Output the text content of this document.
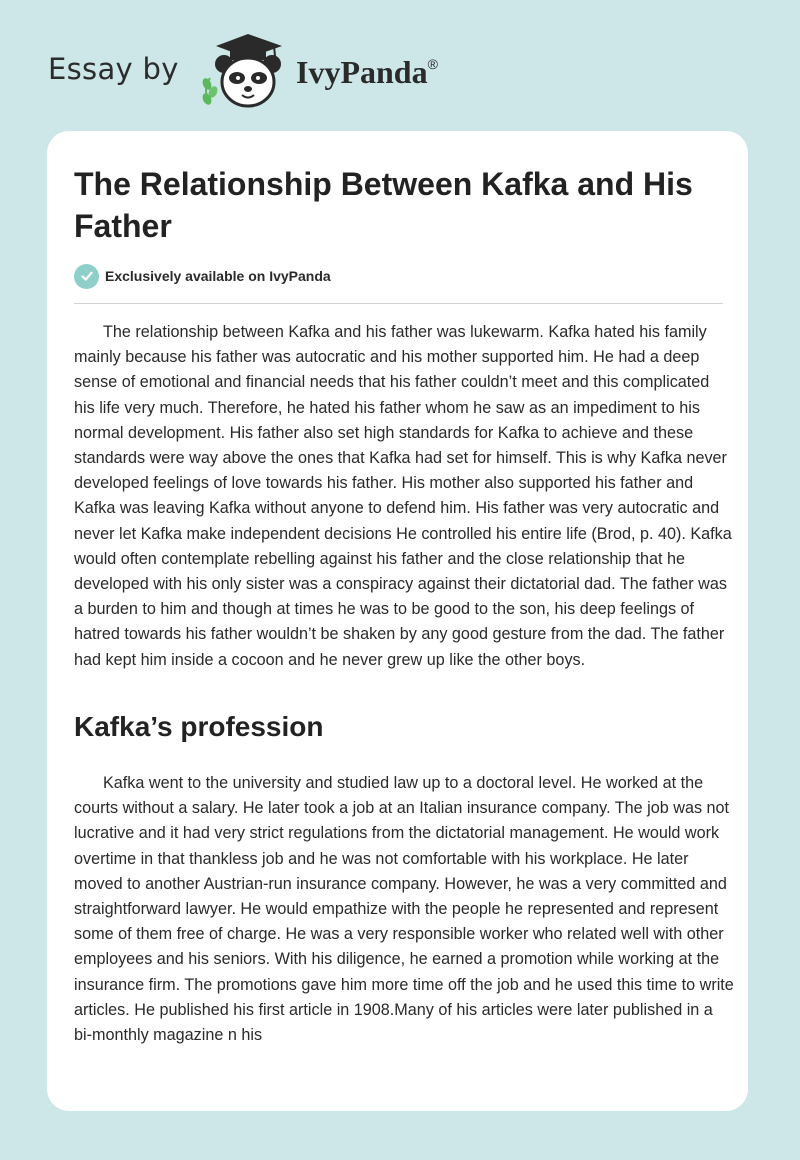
Essay by	IvyPanda®
The Relationship Between Kafka and His Father
Exclusively available on IvyPanda

The relationship between Kafka and his father was lukewarm. Kafka hated his family mainly because his father was autocratic and his mother supported him. He had a deep sense of emotional and financial needs that his father couldn’t meet and this complicated his life very much. Therefore, he hated his father whom he saw as an impediment to his normal development. His father also set high standards for Kafka to achieve and these standards were way above the ones that Kafka had set for himself. This is why Kafka never developed feelings of love towards his father. His mother also supported his father and Kafka was leaving Kafka without anyone to defend him. His father was very autocratic and never let Kafka make independent decisions He controlled his entire life (Brod, p. 40). Kafka would often contemplate rebelling against his father and the close relationship that he developed with his only sister was a conspiracy against their dictatorial dad. The father was a burden to him and though at times he was to be good to the son, his deep feelings of hatred towards his father wouldn’t be shaken by any good gesture from the dad. The father had kept him inside a cocoon and he never grew up like the other boys.

Kafka’s profession

Kafka went to the university and studied law up to a doctoral level. He worked at the courts without a salary. He later took a job at an Italian insurance company. The job was not lucrative and it had very strict regulations from the dictatorial management. He would work overtime in that thankless job and he was not comfortable with his workplace. He later moved to another Austrian-run insurance company. However, he was a very committed and straightforward lawyer. He would empathize with the people he represented and represent some of them free of charge. He was a very responsible worker who related well with other employees and his seniors. With his diligence, he earned a promotion while working at the insurance firm. The promotions gave him more time off the job and he used this time to write articles. He published his first article in 1908.Many of his articles were later published in a bi-monthly magazine n his
